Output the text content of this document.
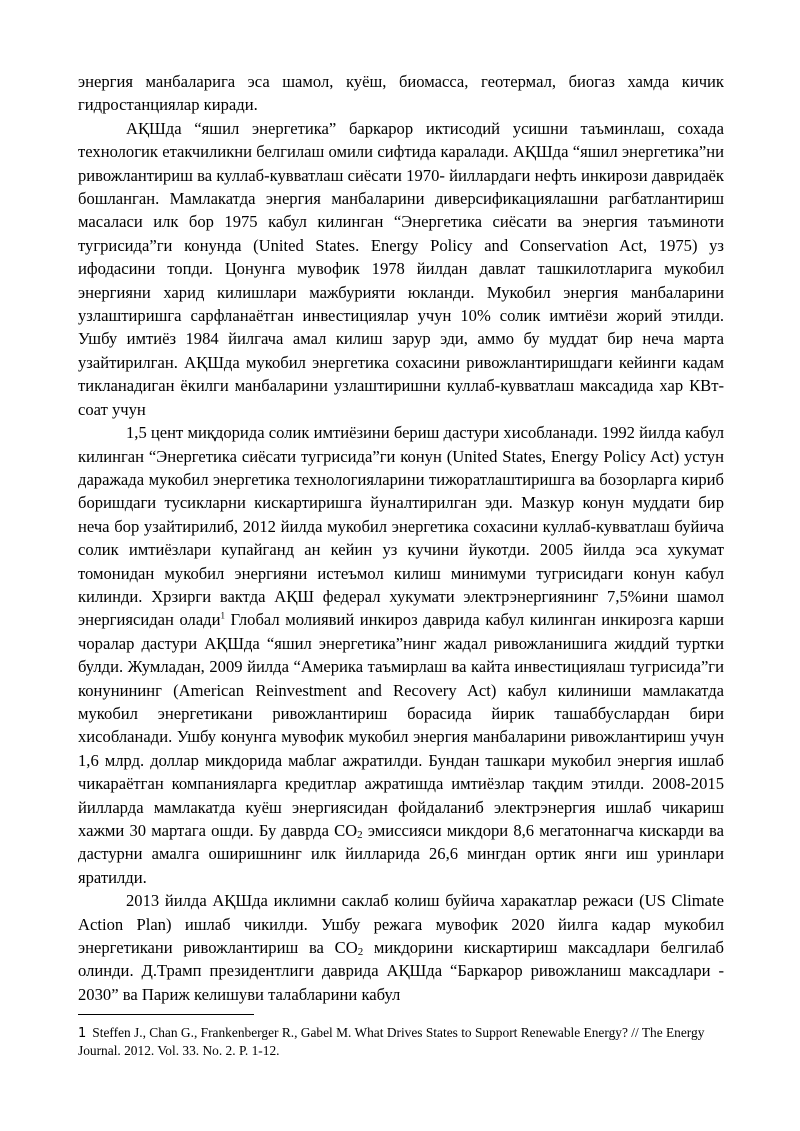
энергия манбаларига эса шамол, куёш, биомасса, геотермал, биогаз хамда кичик гидростанциялар киради.

АҚШда “яшил энергетика” баркарор иктисодий усишни таъминлаш, сохада технологик етакчиликни белгилаш омили сифтида каралади. АҚШда “яшил энергетика”ни ривожлантириш ва куллаб-кувватлаш сиёсати 1970- йиллардаги нефть инкирози давридаёк бошланган. Мамлакатда энергия манбаларини диверсификациялашни рагбатлантириш масаласи илк бор 1975 кабул килинган “Энергетика сиёсати ва энергия таъминоти тугрисида”ги конунда (United States. Energy Policy and Conservation Act, 1975) уз ифодасини топди. Цонунга мувофик 1978 йилдан давлат ташкилотларига мукобил энергияни харид килишлари мажбурияти юкланди. Мукобил энергия манбаларини узлаштиришга сарфланаётган инвестициялар учун 10% солик имтиёзи жорий этилди. Ушбу имтиёз 1984 йилгача амал килиш зарур эди, аммо бу муддат бир неча марта узайтирилган. АҚШда мукобил энергетика сохасини ривожлантиришдаги кейинги кадам тикланадиган ёкилги манбаларини узлаштиришни куллаб-кувватлаш максадида хар КВт-соат учун

1,5 цент миқдорида солик имтиёзини бериш дастури хисобланади. 1992 йилда кабул килинган “Энергетика сиёсати тугрисида”ги конун (United States, Energy Policy Act) устун даражада мукобил энергетика технологияларини тижоратлаштиришга ва бозорларга кириб боришдаги тусикларни кискартиришга йуналтирилган эди. Мазкур конун муддати бир неча бор узайтирилиб, 2012 йилда мукобил энергетика сохасини куллаб-кувватлаш буйича солик имтиёзлари купайганд ан кейин уз кучини йукотди. 2005 йилда эса хукумат томонидан мукобил энергияни истеъмол килиш минимуми тугрисидаги конун кабул килинди. Хрзирги вактда АҚШ федерал хукумати электрэнергиянинг 7,5%ини шамол энергиясидан олади$^1$ Глобал молиявий инкироз даврида кабул килинган инкирозга карши чоралар дастури АҚШда “яшил энергетика”нинг жадал ривожланишига жиддий туртки булди. Жумладан, 2009 йилда “Америка таъмирлаш ва кайта инвестициялаш тугрисида”ги конунининг (American Reinvestment and Recovery Act) кабул килиниши мамлакатда мукобил энергетикани ривожлантириш борасида йирик ташаббуслардан бири хисобланади. Ушбу конунга мувофик мукобил энергия манбаларини ривожлантириш учун 1,6 млрд. доллар микдорида маблаг ажратилди. Бундан ташкари мукобил энергия ишлаб чикараётган компанияларга кредитлар ажратишда имтиёзлар тақдим этилди. 2008-2015 йилларда мамлакатда куёш энергиясидан фойдаланиб электрэнергия ишлаб чикариш хажми 30 мартага ошди. Бу даврда CO2 эмиссияси микдори 8,6 мегатоннагча кискарди ва дастурни амалга оширишнинг илк йилларида 26,6 мингдан ортик янги иш уринлари яратилди.

2013 йилда АҚШда иклимни саклаб колиш буйича харакатлар режаси (US Climate Action Plan) ишлаб чикилди. Ушбу режага мувофик 2020 йилга кадар мукобил энергетикани ривожлантириш ва CO2 микдорини кискартириш максадлари белгилаб олинди. Д.Трамп президентлиги даврида АҚШда “Баркарор ривожланиш максадлари - 2030” ва Париж келишуви талабларини кабул

1 Steffen J., Chan G., Frankenberger R., Gabel M. What Drives States to Support Renewable Energy? // The Energy Journal. 2012. Vol. 33. No. 2. P. 1-12.
